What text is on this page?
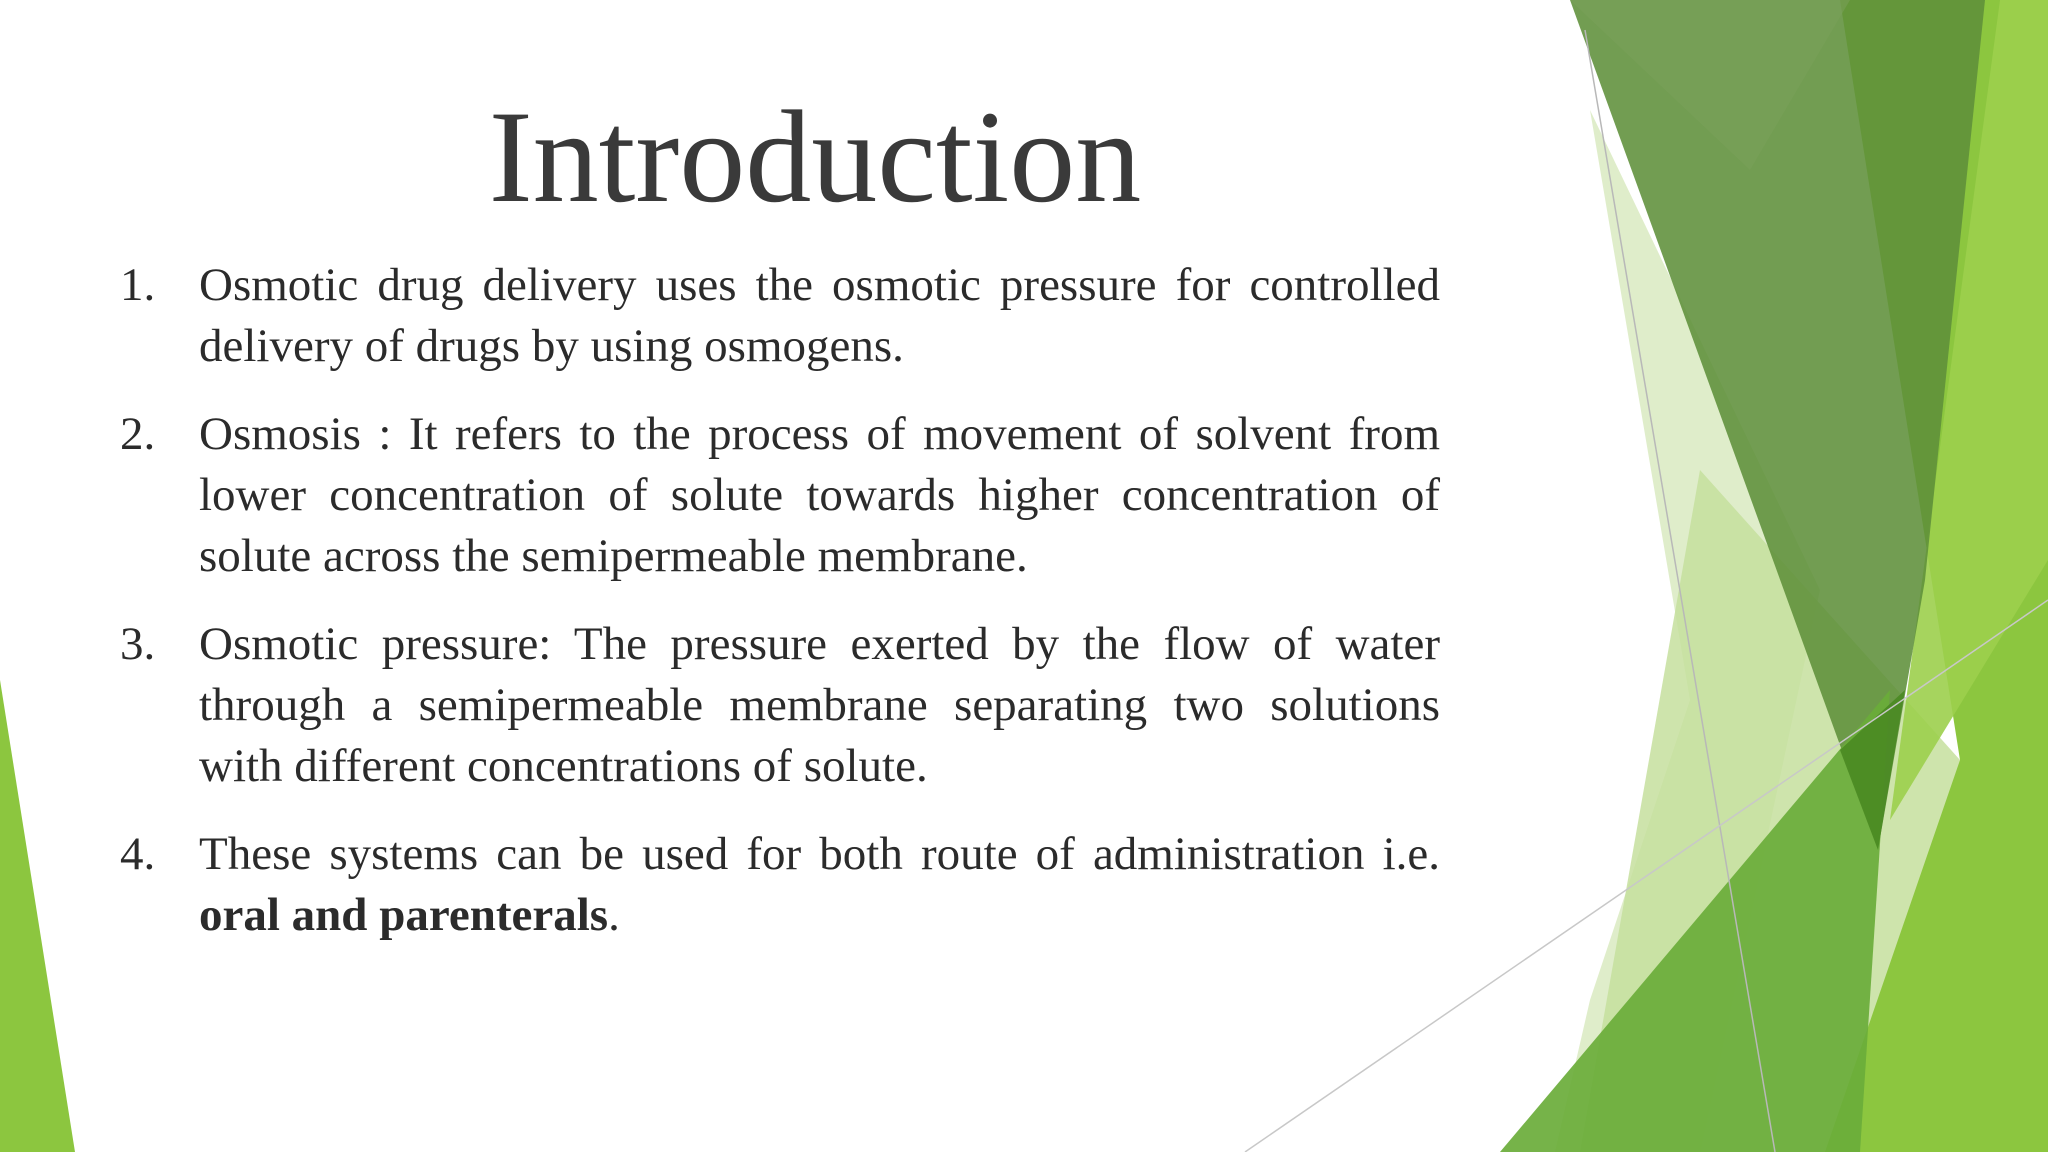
Introduction
1. Osmotic drug delivery uses the osmotic pressure for controlled delivery of drugs by using osmogens.
2. Osmosis : It refers to the process of movement of solvent from lower concentration of solute towards higher concentration of solute across the semipermeable membrane.
3. Osmotic pressure: The pressure exerted by the flow of water through a semipermeable membrane separating two solutions with different concentrations of solute.
4. These systems can be used for both route of administration i.e. oral and parenterals.
